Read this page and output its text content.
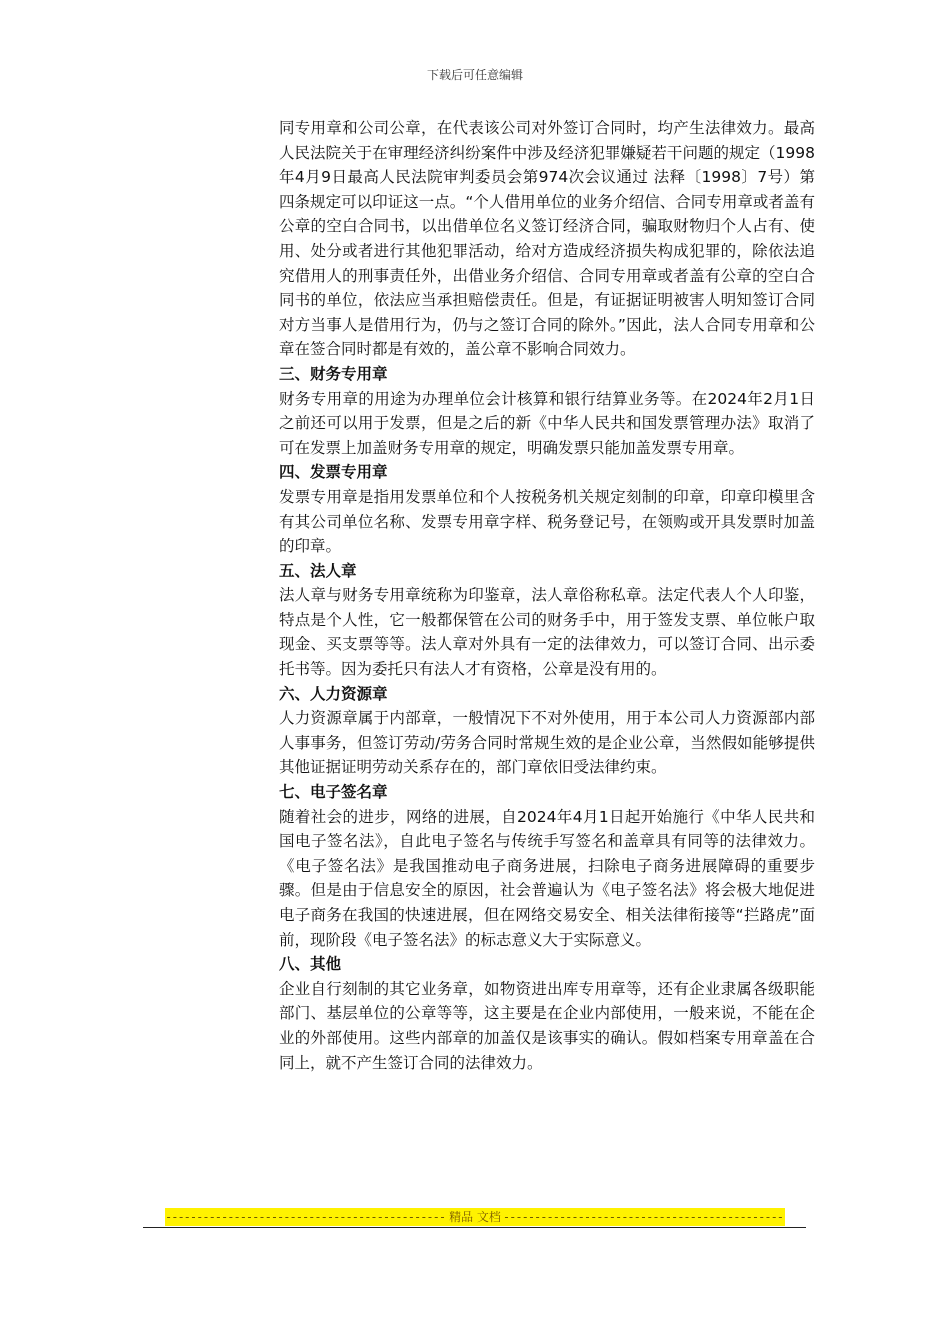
下载后可任意编辑

同专用章和公司公章，在代表该公司对外签订合同时，均产生法律效力。最高人民法院关于在审理经济纠纷案件中涉及经济犯罪嫌疑若干问题的规定（1998年4月9日最高人民法院审判委员会第974次会议通过 法释〔1998〕7号）第四条规定可以印证这一点。“个人借用单位的业务介绍信、合同专用章或者盖有公章的空白合同书，以出借单位名义签订经济合同，骗取财物归个人占有、使用、处分或者进行其他犯罪活动，给对方造成经济损失构成犯罪的，除依法追究借用人的刑事责任外，出借业务介绍信、合同专用章或者盖有公章的空白合同书的单位，依法应当承担赔偿责任。但是，有证据证明被害人明知签订合同对方当事人是借用行为，仍与之签订合同的除外。”因此，法人合同专用章和公章在签合同时都是有效的，盖公章不影响合同效力。

三、财务专用章

财务专用章的用途为办理单位会计核算和银行结算业务等。在2024年2月1日之前还可以用于发票，但是之后的新《中华人民共和国发票管理办法》取消了可在发票上加盖财务专用章的规定，明确发票只能加盖发票专用章。

四、发票专用章

发票专用章是指用发票单位和个人按税务机关规定刻制的印章，印章印模里含有其公司单位名称、发票专用章字样、税务登记号，在领购或开具发票时加盖的印章。

五、法人章

法人章与财务专用章统称为印鉴章，法人章俗称私章。法定代表人个人印鉴，特点是个人性，它一般都保管在公司的财务手中，用于签发支票、单位帐户取现金、买支票等等。法人章对外具有一定的法律效力，可以签订合同、出示委托书等。因为委托只有法人才有资格，公章是没有用的。

六、人力资源章

人力资源章属于内部章，一般情况下不对外使用，用于本公司人力资源部内部人事事务，但签订劳动/劳务合同时常规生效的是企业公章，当然假如能够提供其他证据证明劳动关系存在的，部门章依旧受法律约束。

七、电子签名章

随着社会的进步，网络的进展，自2024年4月1日起开始施行《中华人民共和国电子签名法》，自此电子签名与传统手写签名和盖章具有同等的法律效力。《电子签名法》是我国推动电子商务进展，扫除电子商务进展障碍的重要步骤。但是由于信息安全的原因，社会普遍认为《电子签名法》将会极大地促进电子商务在我国的快速进展，但在网络交易安全、相关法律衔接等“拦路虎”面前，现阶段《电子签名法》的标志意义大于实际意义。

八、其他

企业自行刻制的其它业务章，如物资进出库专用章等，还有企业隶属各级职能部门、基层单位的公章等等，这主要是在企业内部使用，一般来说，不能在企业的外部使用。这些内部章的加盖仅是该事实的确认。假如档案专用章盖在合同上，就不产生签订合同的法律效力。

-----
精品 文档
-----
